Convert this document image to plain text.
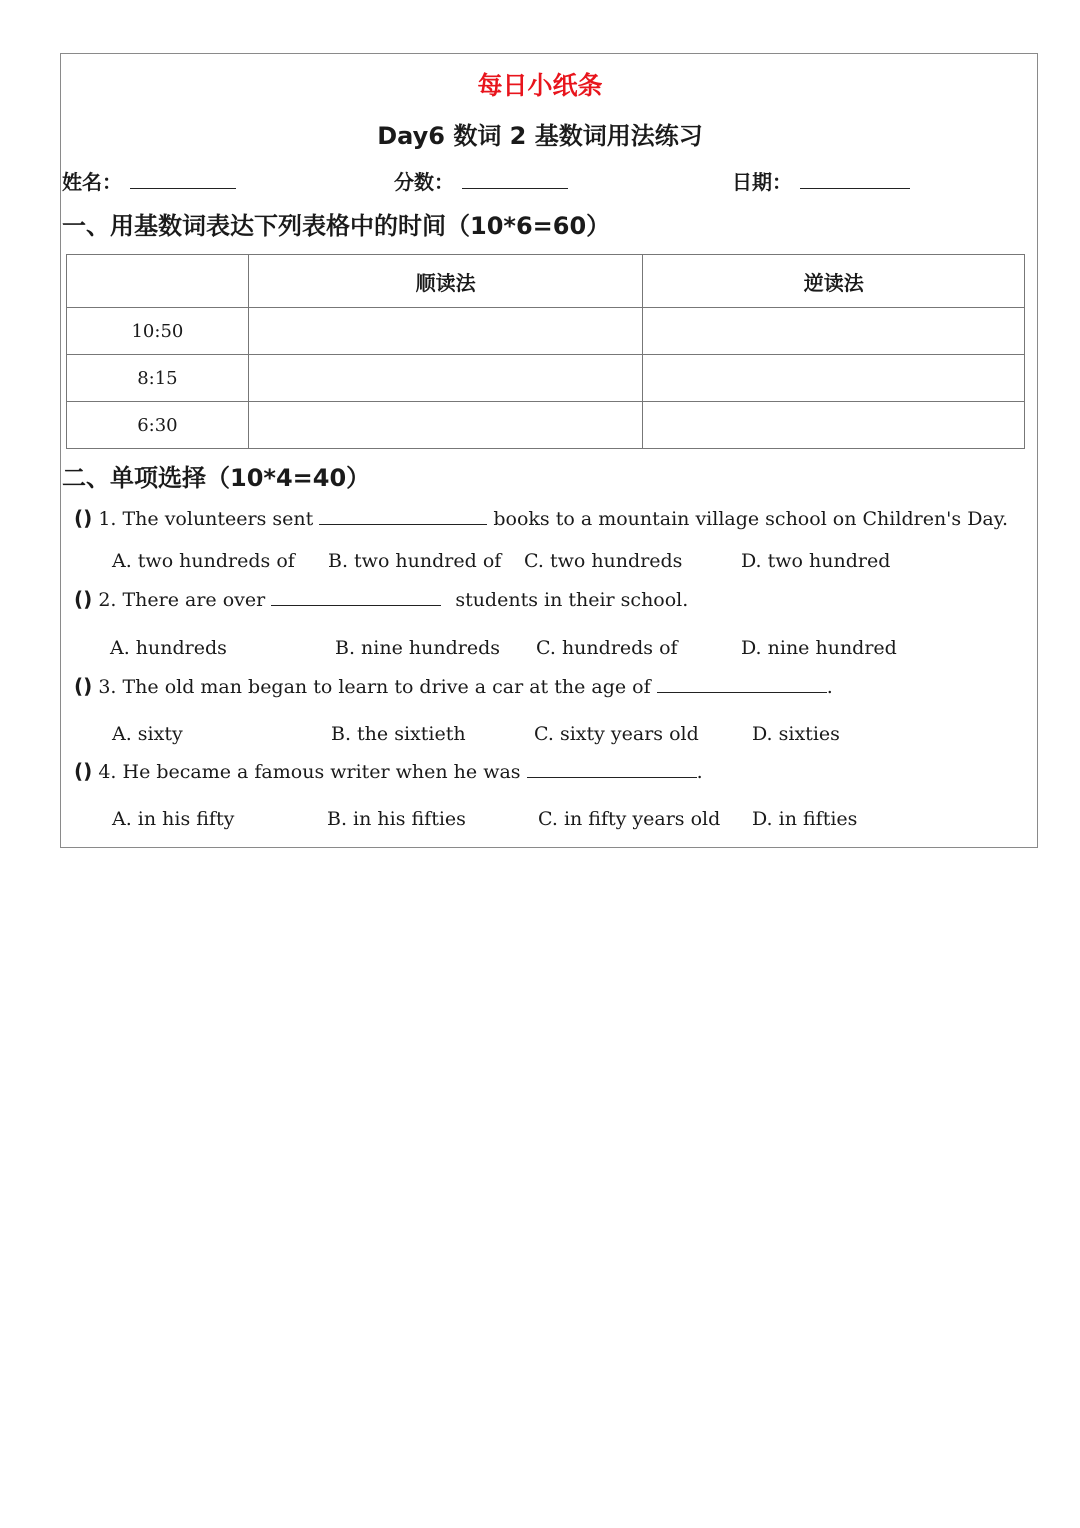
每日小纸条
Day6 数词 2 基数词用法练习
姓名：	分数：	日期：
一、用基数词表达下列表格中的时间（10*6=60）
	顺读法	逆读法
10:50		
8:15		
6:30		
二、单项选择（10*4=40）
() 1. The volunteers sent	books to a mountain village school on Children's Day.
A. two hundreds of B. two hundred of C. two hundreds	D. two hundred
() 2. There are over	students in their school.
A. hundreds	B. nine hundreds C. hundreds of	D. nine hundred
() 3. The old man began to learn to drive a car at the age of	.
A. sixty	B. the sixtieth	C. sixty years old	D. sixties
() 4. He became a famous writer when he was	.
A. in his fifty	B. in his fifties	C. in fifty years old D. in fifties
